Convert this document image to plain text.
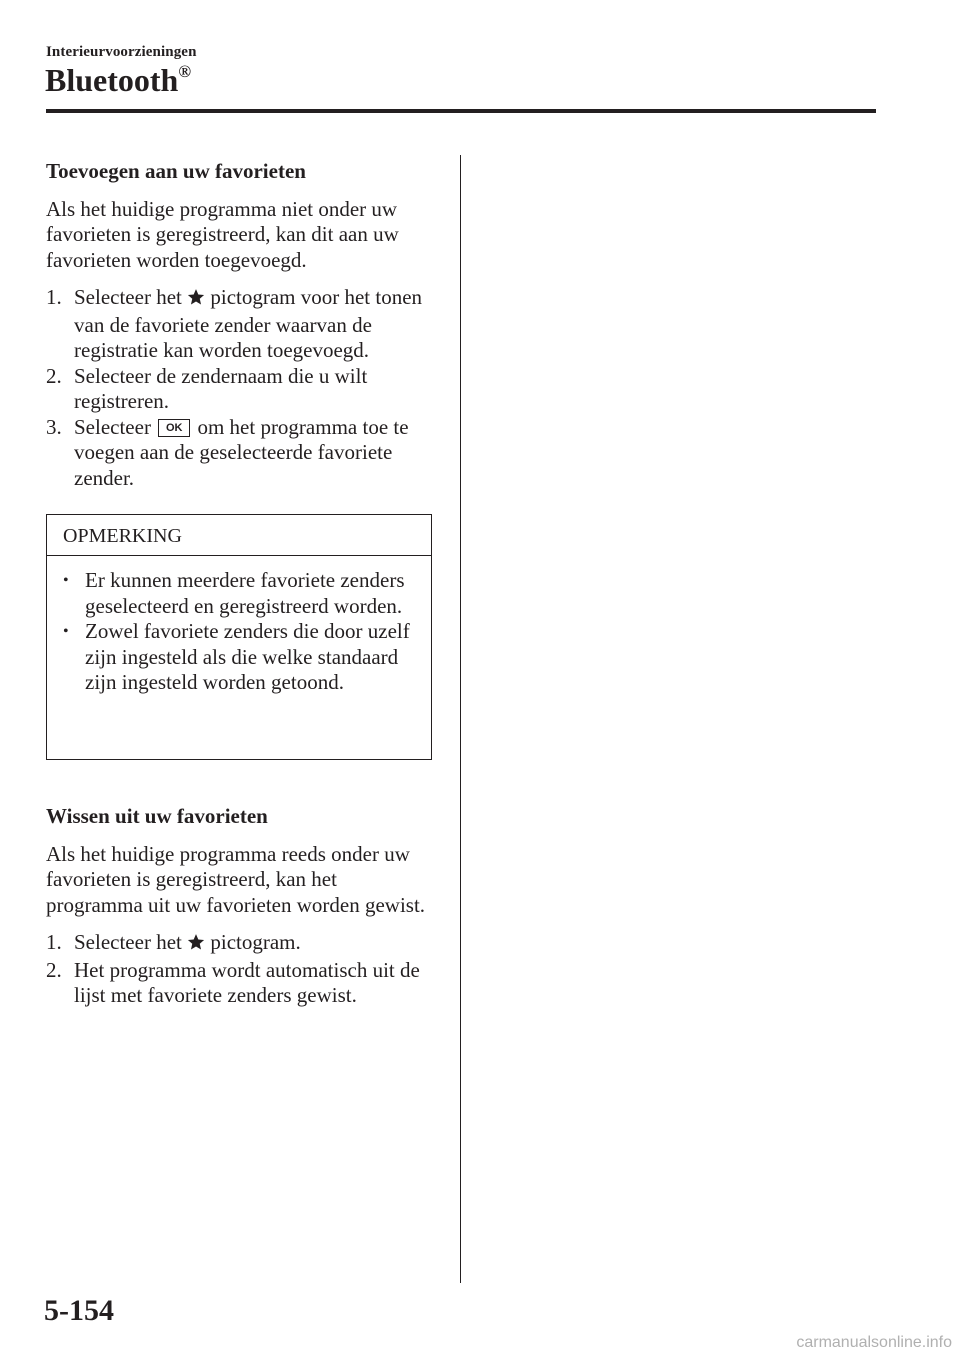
Interieurvoorzieningen
Bluetooth®

Toevoegen aan uw favorieten

Als het huidige programma niet onder uw favorieten is geregistreerd, kan dit aan uw favorieten worden toegevoegd.

1. Selecteer het pictogram voor het tonen van de favoriete zender waarvan de registratie kan worden toegevoegd.
2. Selecteer de zendernaam die u wilt registreren.
3. Selecteer OK om het programma toe te voegen aan de geselecteerde favoriete zender.
OPMERKING
• Er kunnen meerdere favoriete zenders geselecteerd en geregistreerd worden.
• Zowel favoriete zenders die door uzelf zijn ingesteld als die welke standaard zijn ingesteld worden getoond.

Wissen uit uw favorieten

Als het huidige programma reeds onder uw favorieten is geregistreerd, kan het programma uit uw favorieten worden gewist.

1. Selecteer het pictogram.
2. Het programma wordt automatisch uit de lijst met favoriete zenders gewist.
5-154
carmanualsonline.info
